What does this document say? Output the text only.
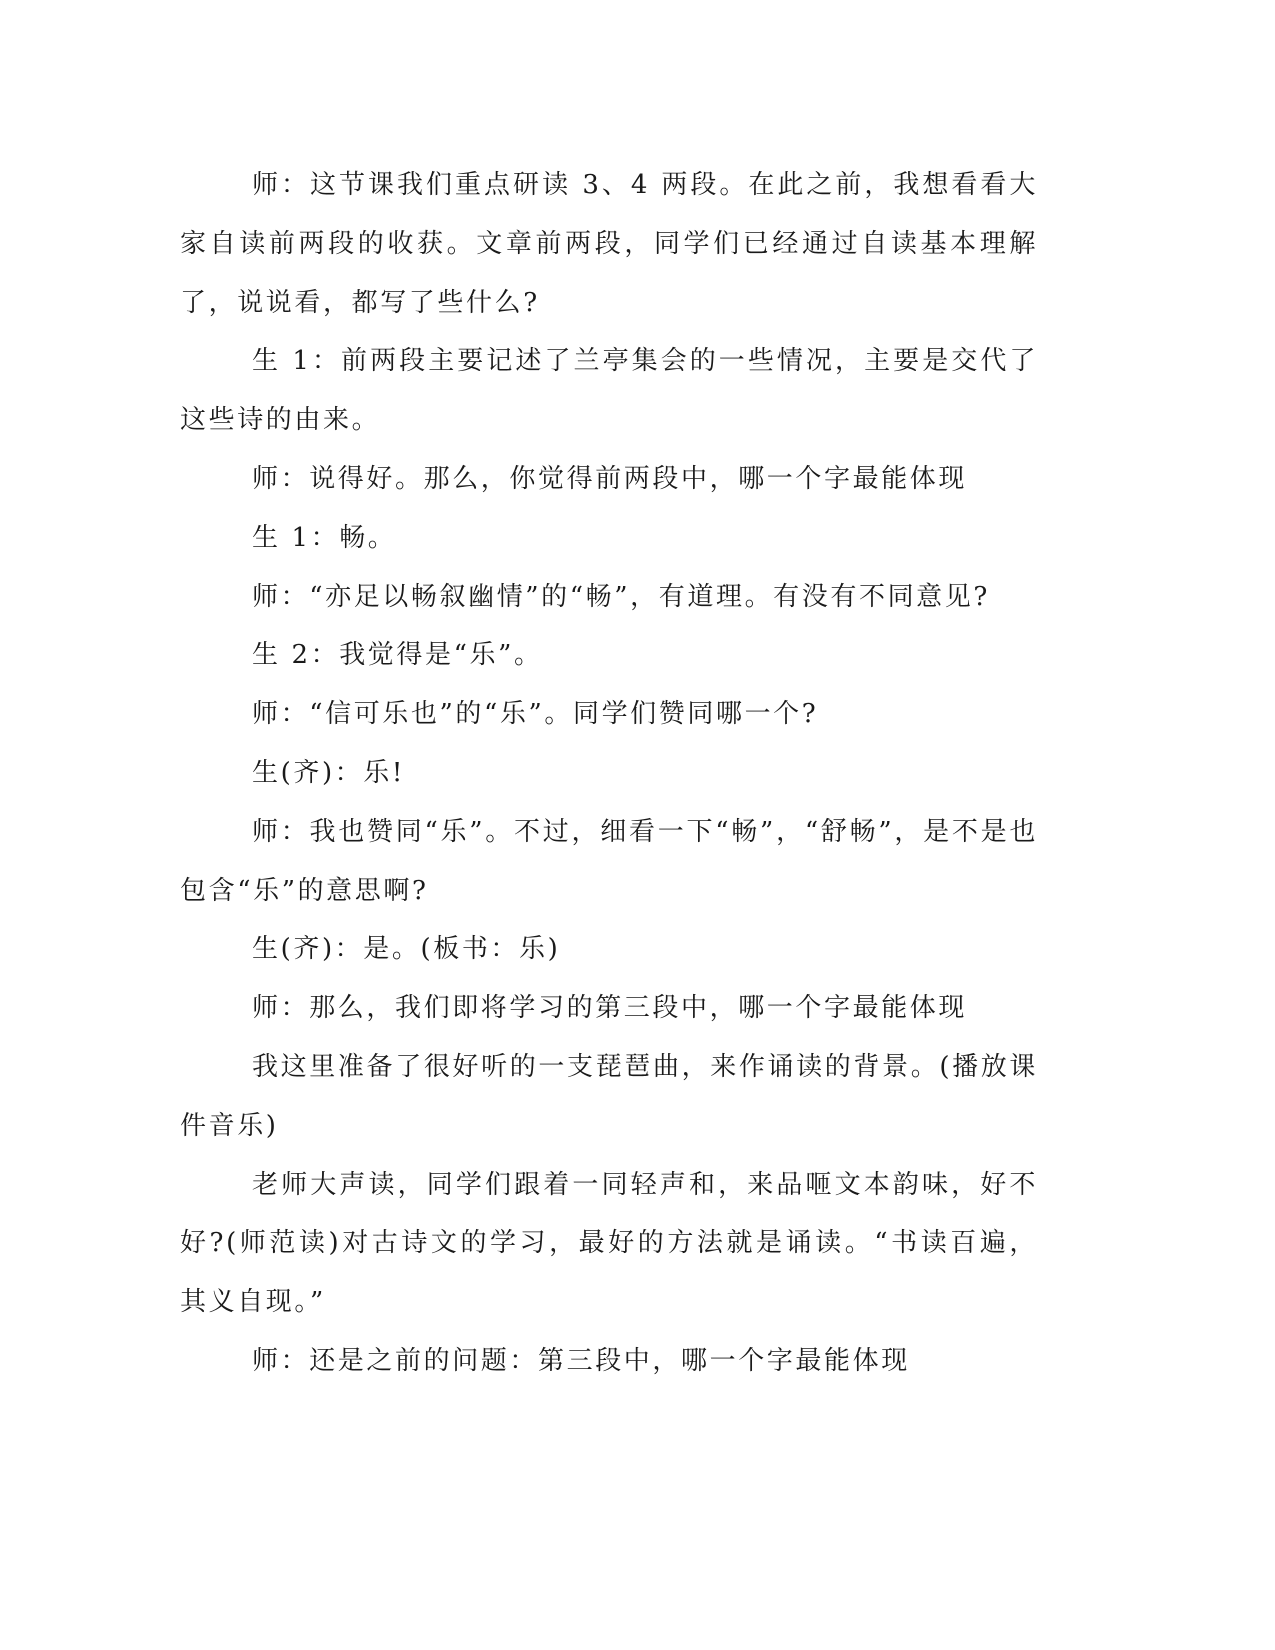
师：这节课我们重点研读 3、4 两段。在此之前，我想看看大家自读前两段的收获。文章前两段，同学们已经通过自读基本理解了，说说看，都写了些什么?

生 1：前两段主要记述了兰亭集会的一些情况，主要是交代了这些诗的由来。

师：说得好。那么，你觉得前两段中，哪一个字最能体现

生 1：畅。

师：“亦足以畅叙幽情”的“畅”，有道理。有没有不同意见?

生 2：我觉得是“乐”。

师：“信可乐也”的“乐”。同学们赞同哪一个?

生(齐)：乐!

师：我也赞同“乐”。不过，细看一下“畅”，“舒畅”，是不是也包含“乐”的意思啊?

生(齐)：是。(板书：乐)

师：那么，我们即将学习的第三段中，哪一个字最能体现

我这里准备了很好听的一支琵琶曲，来作诵读的背景。(播放课件音乐)

老师大声读，同学们跟着一同轻声和，来品咂文本韵味，好不好?(师范读)对古诗文的学习，最好的方法就是诵读。“书读百遍，其义自现。”

师：还是之前的问题：第三段中，哪一个字最能体现
